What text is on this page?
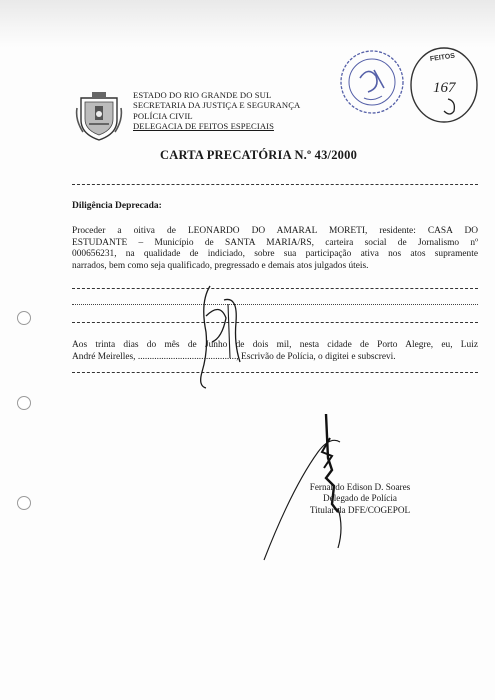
ESTADO DO RIO GRANDE DO SUL
SECRETARIA DA JUSTIÇA E SEGURANÇA
POLÍCIA CIVIL
DELEGACIA DE FEITOS ESPECIAIS
FEITOS
167
CARTA PRECATÓRIA N.º 43/2000
Diligência Deprecada:
Proceder a oitiva de LEONARDO DO AMARAL MORETI, residente: CASA DO
ESTUDANTE – Município de SANTA MARIA/RS, carteira social de Jornalismo nº
000656231, na qualidade de indiciado, sobre sua participação ativa nos atos supramente
narrados, bem como seja qualificado, pregressado e demais atos julgados úteis.
Aos trinta dias do mês de Junho de dois mil, nesta cidade de Porto Alegre, eu, Luiz
André Meirelles, .........................................., Escrivão de Polícia, o digitei e subscrevi.
Fernando Edison D. Soares
Delegado de Polícia
Titular da DFE/COGEPOL
